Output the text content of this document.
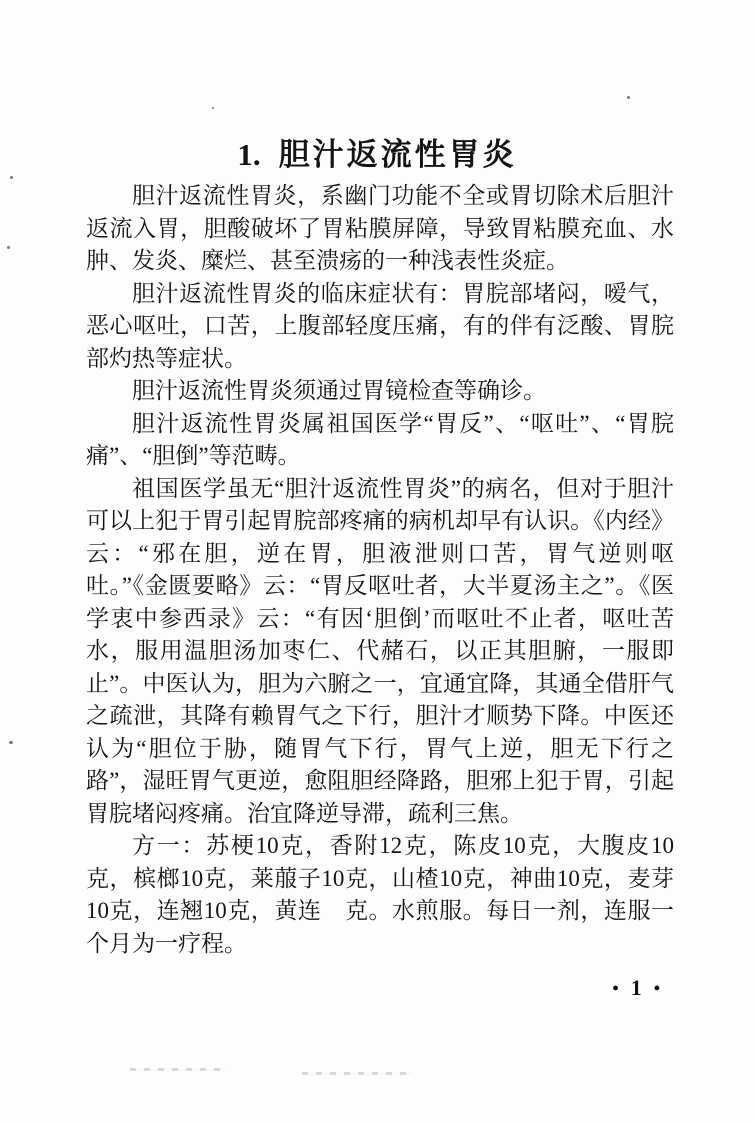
1. 胆汁返流性胃炎

胆汁返流性胃炎，系幽门功能不全或胃切除术后胆汁返流入胃，胆酸破坏了胃粘膜屏障，导致胃粘膜充血、水肿、发炎、糜烂、甚至溃疡的一种浅表性炎症。

胆汁返流性胃炎的临床症状有：胃脘部堵闷，嗳气，恶心呕吐，口苦，上腹部轻度压痛，有的伴有泛酸、胃脘部灼热等症状。

胆汁返流性胃炎须通过胃镜检查等确诊。

胆汁返流性胃炎属祖国医学“胃反”、“呕吐”、“胃脘痛”、“胆倒”等范畴。

祖国医学虽无“胆汁返流性胃炎”的病名，但对于胆汁可以上犯于胃引起胃脘部疼痛的病机却早有认识。《内经》云：“邪在胆，逆在胃，胆液泄则口苦，胃气逆则呕吐。”《金匮要略》云：“胃反呕吐者，大半夏汤主之”。《医学衷中参西录》云：“有因‘胆倒’而呕吐不止者，呕吐苦水，服用温胆汤加枣仁、代赭石，以正其胆腑，一服即止”。中医认为，胆为六腑之一，宜通宜降，其通全借肝气之疏泄，其降有赖胃气之下行，胆汁才顺势下降。中医还认为“胆位于胁，随胃气下行，胃气上逆，胆无下行之路”，湿旺胃气更逆，愈阻胆经降路，胆邪上犯于胃，引起胃脘堵闷疼痛。治宜降逆导滞，疏利三焦。

方一：苏梗10克，香附12克，陈皮10克，大腹皮10克，槟榔10克，莱菔子10克，山楂10克，神曲10克，麦芽10克，连翘10克，黄连　克。水煎服。每日一剂，连服一个月为一疗程。

• 1 •
